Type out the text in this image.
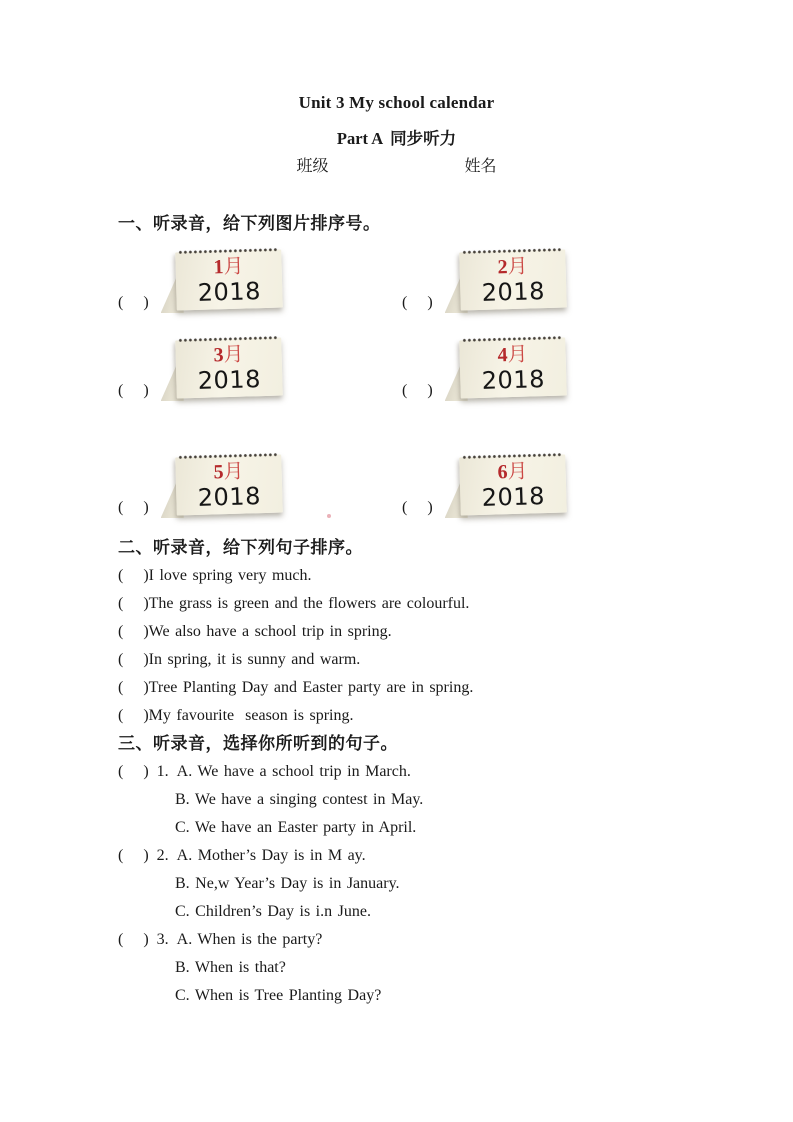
Unit 3 My school calendar
Part A 同步听力
班级	姓名
一、听录音，给下列图片排序号。
(     )
1月
2018	(     )
2月
2018
(     )
3月
2018	(     )
4月
2018
(     )
5月
2018	(     )
6月
2018
二、听录音，给下列句子排序。
(     )I love spring very much.
(     )The grass is green and the flowers are colourful.
(     )We also have a school trip in spring.
(     )In spring, it is sunny and warm.
(     )Tree Planting Day and Easter party are in spring.
(     )My favourite  season is spring.
三、听录音，选择你所听到的句子。
(     ) 1. A. We have a school trip in March.
B. We have a singing contest in May.
C. We have an Easter party in April.
(     ) 2. A. Mother’s Day is in M ay.
B. Ne,w Year’s Day is in January.
C. Children’s Day is i.n June.
(     ) 3. A. When is the party?
B. When is that?
C. When is Tree Planting Day?
